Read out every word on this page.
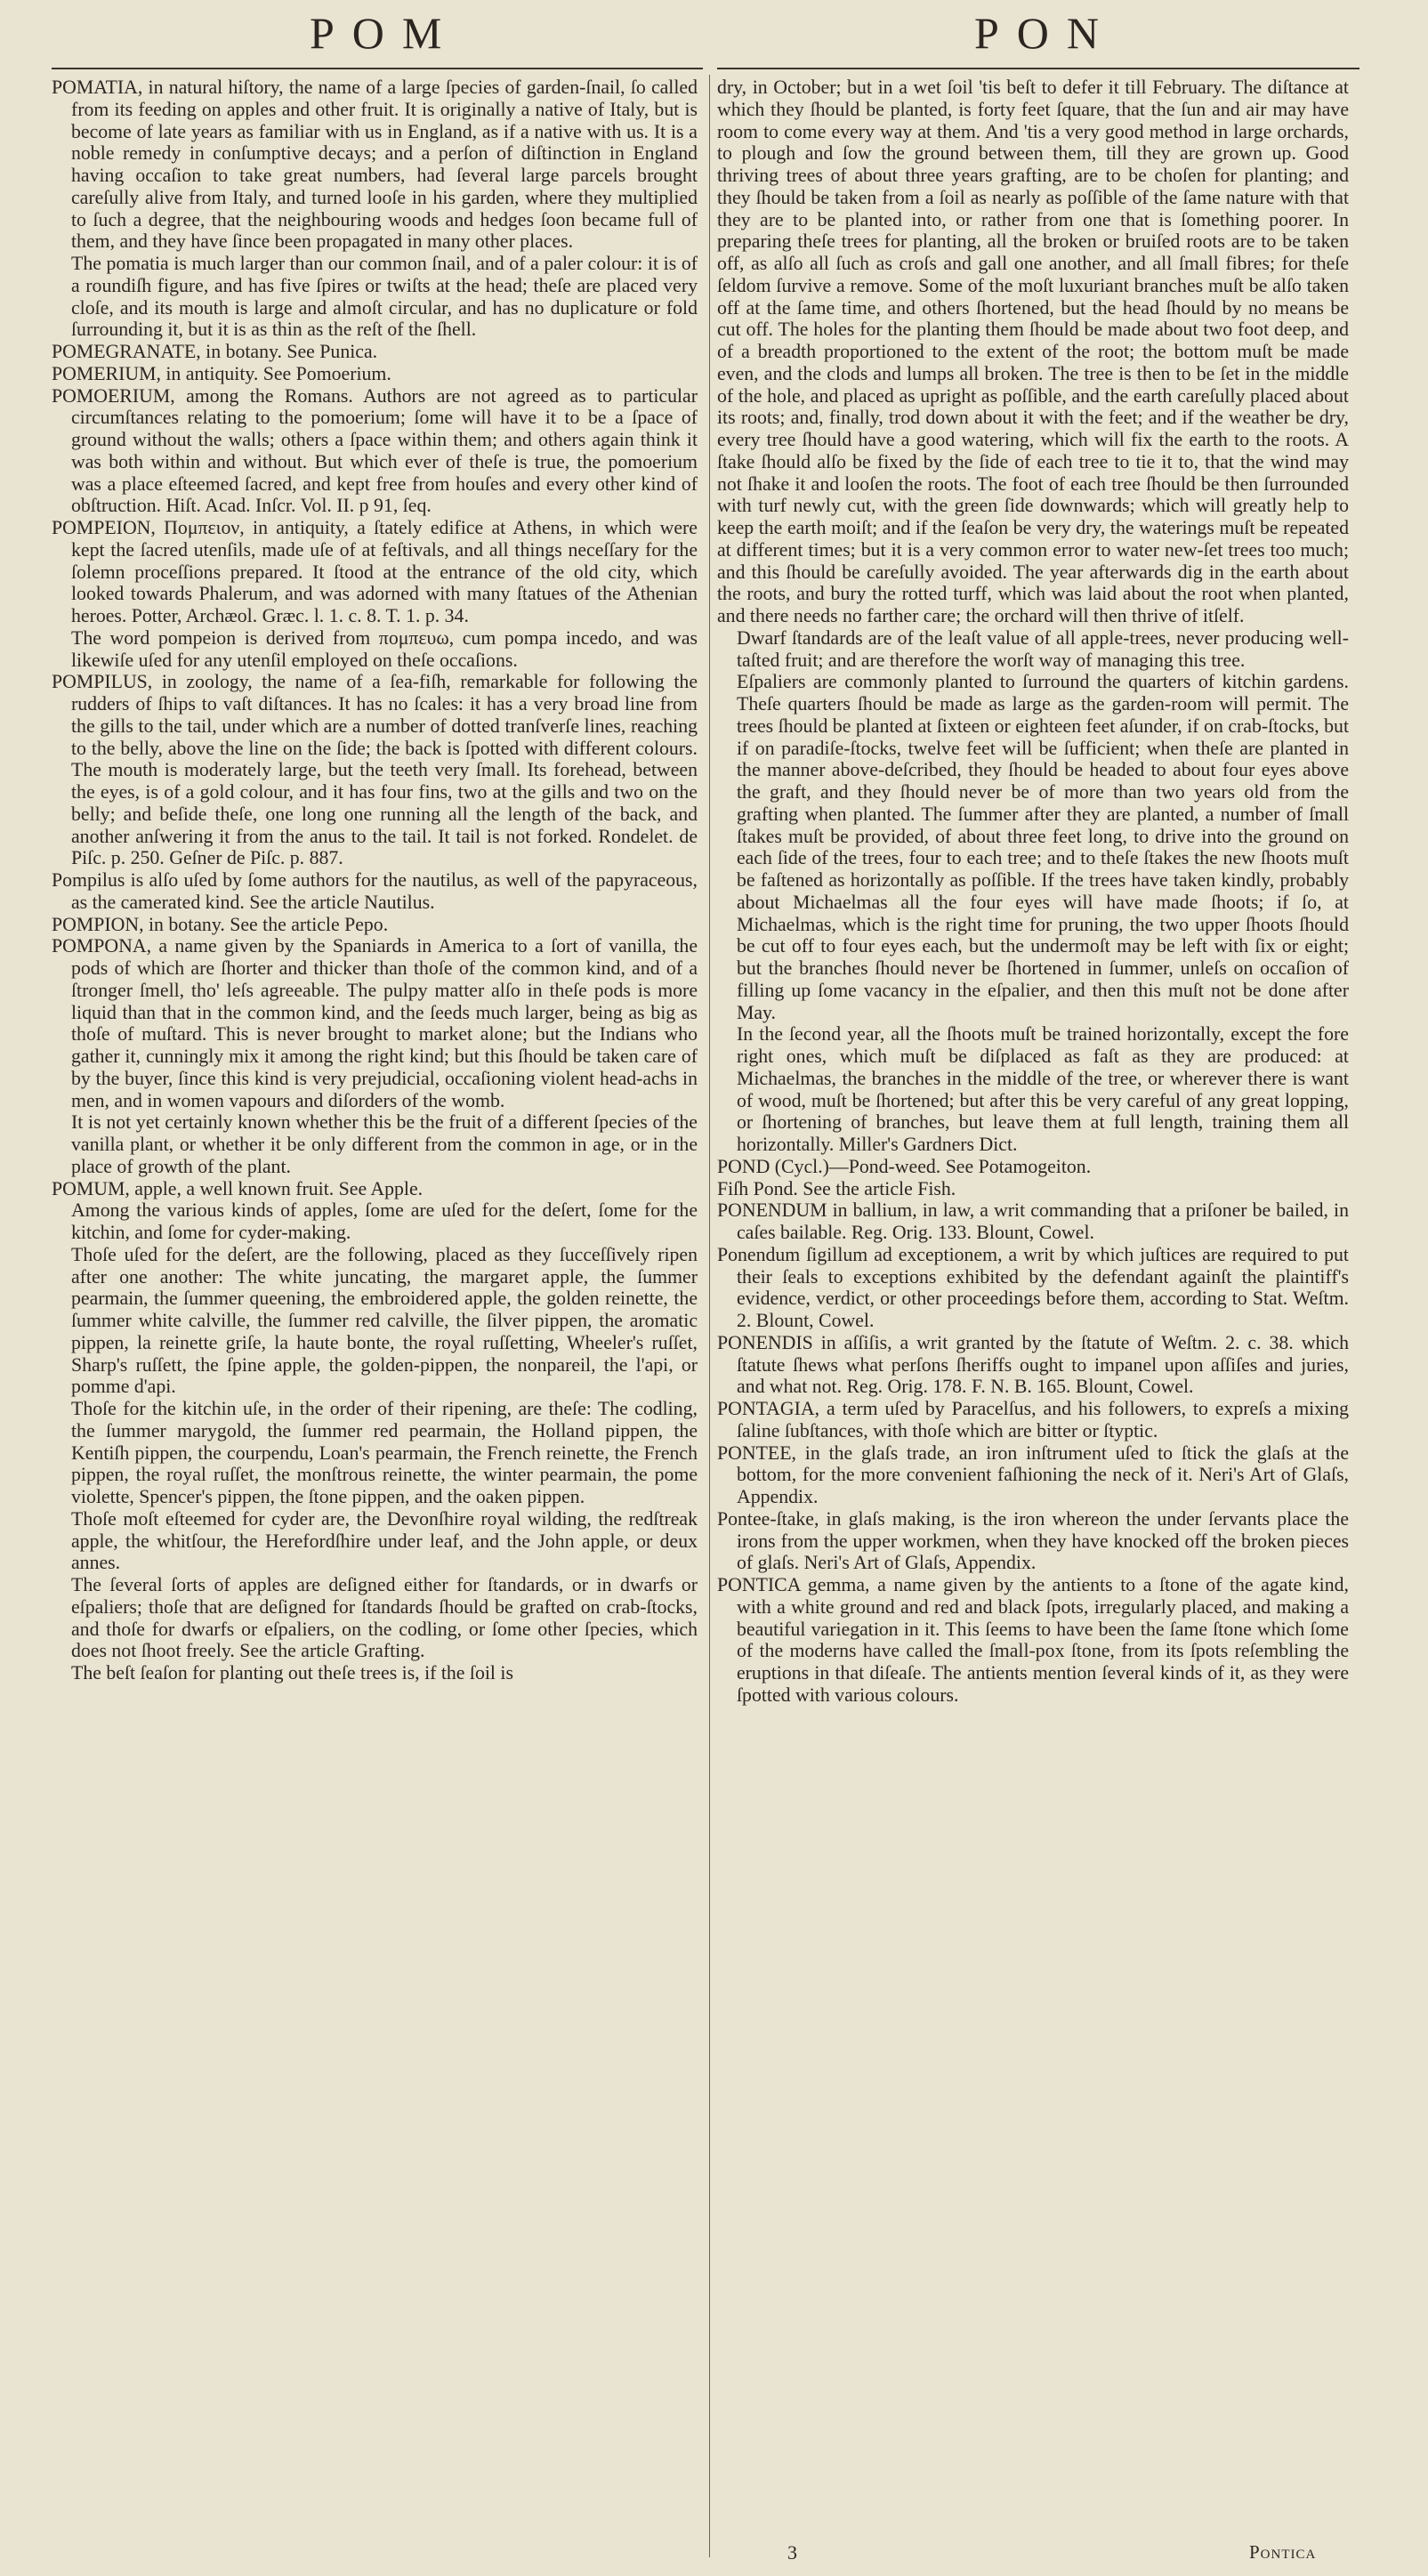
POM	PON

POMATIA, in natural hiſtory, the name of a large ſpecies of garden-ſnail, ſo called from its feeding on apples and other fruit. It is originally a native of Italy, but is become of late years as familiar with us in England, as if a native with us. It is a noble remedy in conſumptive decays; and a perſon of diſtinction in England having occaſion to take great numbers, had ſeveral large parcels brought careſully alive from Italy, and turned looſe in his garden, where they multiplied to ſuch a degree, that the neighbouring woods and hedges ſoon became full of them, and they have ſince been propagated in many other places.

The pomatia is much larger than our common ſnail, and of a paler colour: it is of a roundiſh figure, and has five ſpires or twiſts at the head; theſe are placed very cloſe, and its mouth is large and almoſt circular, and has no duplicature or fold ſurrounding it, but it is as thin as the reſt of the ſhell.

POMEGRANATE, in botany. See Punica.

POMERIUM, in antiquity. See Pomoerium.

POMOERIUM, among the Romans. Authors are not agreed as to particular circumſtances relating to the pomoerium; ſome will have it to be a ſpace of ground without the walls; others a ſpace within them; and others again think it was both within and without. But which ever of theſe is true, the pomoerium was a place eſteemed ſacred, and kept free from houſes and every other kind of obſtruction. Hiſt. Acad. Inſcr. Vol. II. p 91, ſeq.

POMPEION, Πομπειον, in antiquity, a ſtately edifice at Athens, in which were kept the ſacred utenſils, made uſe of at feſtivals, and all things neceſſary for the ſolemn proceſſions prepared. It ſtood at the entrance of the old city, which looked towards Phalerum, and was adorned with many ſtatues of the Athenian heroes. Potter, Archæol. Græc. l. 1. c. 8. T. 1. p. 34.

The word pompeion is derived from πομπευω, cum pompa incedo, and was likewiſe uſed for any utenſil employed on theſe occaſions.

POMPILUS, in zoology, the name of a ſea-fiſh, remarkable for following the rudders of ſhips to vaſt diſtances. It has no ſcales: it has a very broad line from the gills to the tail, under which are a number of dotted tranſverſe lines, reaching to the belly, above the line on the ſide; the back is ſpotted with different colours. The mouth is moderately large, but the teeth very ſmall. Its forehead, between the eyes, is of a gold colour, and it has four fins, two at the gills and two on the belly; and beſide theſe, one long one running all the length of the back, and another anſwering it from the anus to the tail. It tail is not forked. Rondelet. de Piſc. p. 250. Geſner de Piſc. p. 887.

Pompilus is alſo uſed by ſome authors for the nautilus, as well of the papyraceous, as the camerated kind. See the article Nautilus.

POMPION, in botany. See the article Pepo.

POMPONA, a name given by the Spaniards in America to a ſort of vanilla, the pods of which are ſhorter and thicker than thoſe of the common kind, and of a ſtronger ſmell, tho' leſs agreeable. The pulpy matter alſo in theſe pods is more liquid than that in the common kind, and the ſeeds much larger, being as big as thoſe of muſtard. This is never brought to market alone; but the Indians who gather it, cunningly mix it among the right kind; but this ſhould be taken care of by the buyer, ſince this kind is very prejudicial, occaſioning violent head-achs in men, and in women vapours and diſorders of the womb.

It is not yet certainly known whether this be the fruit of a different ſpecies of the vanilla plant, or whether it be only different from the common in age, or in the place of growth of the plant.

POMUM, apple, a well known fruit. See Apple.

Among the various kinds of apples, ſome are uſed for the deſert, ſome for the kitchin, and ſome for cyder-making.

Thoſe uſed for the deſert, are the following, placed as they ſucceſſively ripen after one another: The white juncating, the margaret apple, the ſummer pearmain, the ſummer queening, the embroidered apple, the golden reinette, the ſummer white calville, the ſummer red calville, the ſilver pippen, the aromatic pippen, la reinette griſe, la haute bonte, the royal ruſſetting, Wheeler's ruſſet, Sharp's ruſſett, the ſpine apple, the golden-pippen, the nonpareil, the l'api, or pomme d'api.

Thoſe for the kitchin uſe, in the order of their ripening, are theſe: The codling, the ſummer marygold, the ſummer red pearmain, the Holland pippen, the Kentiſh pippen, the courpendu, Loan's pearmain, the French reinette, the French pippen, the royal ruſſet, the monſtrous reinette, the winter pearmain, the pome violette, Spencer's pippen, the ſtone pippen, and the oaken pippen.

Thoſe moſt eſteemed for cyder are, the Devonſhire royal wilding, the redſtreak apple, the whitſour, the Herefordſhire under leaf, and the John apple, or deux annes.

The ſeveral ſorts of apples are deſigned either for ſtandards, or in dwarfs or eſpaliers; thoſe that are deſigned for ſtandards ſhould be grafted on crab-ſtocks, and thoſe for dwarfs or eſpaliers, on the codling, or ſome other ſpecies, which does not ſhoot freely. See the article Grafting.

The beſt ſeaſon for planting out theſe trees is, if the ſoil is

dry, in October; but in a wet ſoil 'tis beſt to defer it till February. The diſtance at which they ſhould be planted, is forty feet ſquare, that the ſun and air may have room to come every way at them. And 'tis a very good method in large orchards, to plough and ſow the ground between them, till they are grown up. Good thriving trees of about three years grafting, are to be choſen for planting; and they ſhould be taken from a ſoil as nearly as poſſible of the ſame nature with that they are to be planted into, or rather from one that is ſomething poorer. In preparing theſe trees for planting, all the broken or bruiſed roots are to be taken off, as alſo all ſuch as croſs and gall one another, and all ſmall fibres; for theſe ſeldom ſurvive a remove. Some of the moſt luxuriant branches muſt be alſo taken off at the ſame time, and others ſhortened, but the head ſhould by no means be cut off. The holes for the planting them ſhould be made about two foot deep, and of a breadth proportioned to the extent of the root; the bottom muſt be made even, and the clods and lumps all broken. The tree is then to be ſet in the middle of the hole, and placed as upright as poſſible, and the earth careſully placed about its roots; and, finally, trod down about it with the feet; and if the weather be dry, every tree ſhould have a good watering, which will fix the earth to the roots. A ſtake ſhould alſo be fixed by the ſide of each tree to tie it to, that the wind may not ſhake it and looſen the roots. The foot of each tree ſhould be then ſurrounded with turf newly cut, with the green ſide downwards; which will greatly help to keep the earth moiſt; and if the ſeaſon be very dry, the waterings muſt be repeated at different times; but it is a very common error to water new-ſet trees too much; and this ſhould be careſully avoided. The year afterwards dig in the earth about the roots, and bury the rotted turff, which was laid about the root when planted, and there needs no farther care; the orchard will then thrive of itſelf.

Dwarf ſtandards are of the leaſt value of all apple-trees, never producing well-taſted fruit; and are therefore the worſt way of managing this tree.

Eſpaliers are commonly planted to ſurround the quarters of kitchin gardens. Theſe quarters ſhould be made as large as the garden-room will permit. The trees ſhould be planted at ſixteen or eighteen feet aſunder, if on crab-ſtocks, but if on paradiſe-ſtocks, twelve feet will be ſufficient; when theſe are planted in the manner above-deſcribed, they ſhould be headed to about four eyes above the graft, and they ſhould never be of more than two years old from the grafting when planted. The ſummer after they are planted, a number of ſmall ſtakes muſt be provided, of about three feet long, to drive into the ground on each ſide of the trees, four to each tree; and to theſe ſtakes the new ſhoots muſt be faſtened as horizontally as poſſible. If the trees have taken kindly, probably about Michaelmas all the four eyes will have made ſhoots; if ſo, at Michaelmas, which is the right time for pruning, the two upper ſhoots ſhould be cut off to four eyes each, but the undermoſt may be left with ſix or eight; but the branches ſhould never be ſhortened in ſummer, unleſs on occaſion of filling up ſome vacancy in the eſpalier, and then this muſt not be done after May.

In the ſecond year, all the ſhoots muſt be trained horizontally, except the fore right ones, which muſt be diſplaced as faſt as they are produced: at Michaelmas, the branches in the middle of the tree, or wherever there is want of wood, muſt be ſhortened; but after this be very careful of any great lopping, or ſhortening of branches, but leave them at full length, training them all horizontally. Miller's Gardners Dict.

POND (Cycl.)—Pond-weed. See Potamogeiton.

Fiſh Pond. See the article Fish.

PONENDUM in ballium, in law, a writ commanding that a priſoner be bailed, in caſes bailable. Reg. Orig. 133. Blount, Cowel.

Ponendum ſigillum ad exceptionem, a writ by which juſtices are required to put their ſeals to exceptions exhibited by the defendant againſt the plaintiff's evidence, verdict, or other proceedings before them, according to Stat. Weſtm. 2. Blount, Cowel.

PONENDIS in aſſiſis, a writ granted by the ſtatute of Weſtm. 2. c. 38. which ſtatute ſhews what perſons ſheriffs ought to impanel upon aſſiſes and juries, and what not. Reg. Orig. 178. F. N. B. 165. Blount, Cowel.

PONTAGIA, a term uſed by Paracelſus, and his followers, to expreſs a mixing ſaline ſubſtances, with thoſe which are bitter or ſtyptic.

PONTEE, in the glaſs trade, an iron inſtrument uſed to ſtick the glaſs at the bottom, for the more convenient faſhioning the neck of it. Neri's Art of Glaſs, Appendix.

Pontee-ſtake, in glaſs making, is the iron whereon the under ſervants place the irons from the upper workmen, when they have knocked off the broken pieces of glaſs. Neri's Art of Glaſs, Appendix.

PONTICA gemma, a name given by the antients to a ſtone of the agate kind, with a white ground and red and black ſpots, irregularly placed, and making a beautiful variegation in it. This ſeems to have been the ſame ſtone which ſome of the moderns have called the ſmall-pox ſtone, from its ſpots reſembling the eruptions in that diſeaſe. The antients mention ſeveral kinds of it, as they were ſpotted with various colours.

3	Pontica
